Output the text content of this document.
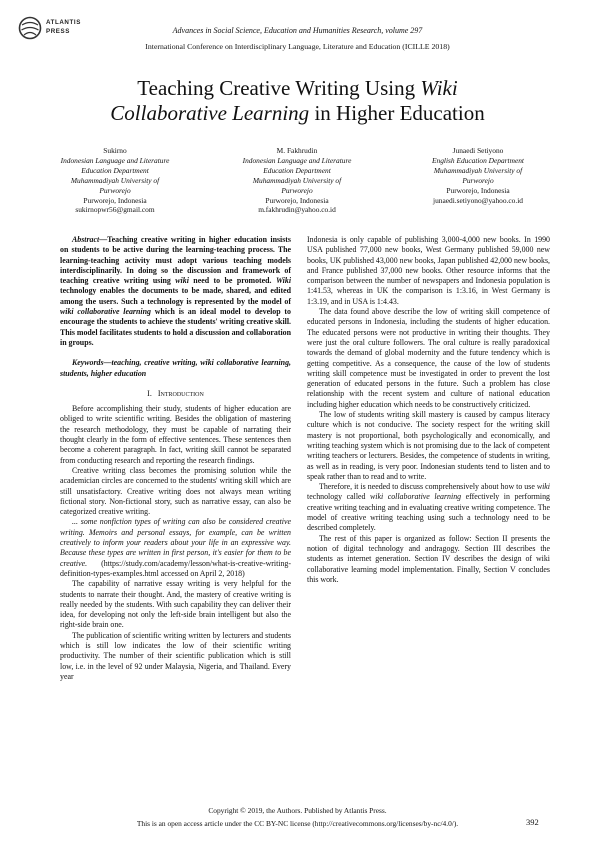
ATLANTIS
PRESS	Advances in Social Science, Education and Humanities Research, volume 297
International Conference on Interdisciplinary Language, Literature and Education (ICILLE 2018)
Teaching Creative Writing Using Wiki
Collaborative Learning in Higher Education
Sukirno
Indonesian Language and Literature
Education Department
Muhammadiyah University of
Purworejo
Purworejo, Indonesia
sukirnopwr56@gmail.com
M. Fakhrudin
Indonesian Language and Literature
Education Department
Muhammadiyah University of
Purworejo
Purworejo, Indonesia
m.fakhrudin@yahoo.co.id
Junaedi Setiyono
English Education Department
Muhammadiyah University of
Purworejo
Purworejo, Indonesia
junaedi.setiyono@yahoo.co.id

Abstract—Teaching creative writing in higher education insists on students to be active during the learning-teaching process. The learning-teaching activity must adopt various teaching models interdisciplinarily. In doing so the discussion and framework of teaching creative writing using wiki need to be promoted. Wiki technology enables the documents to be made, shared, and edited among the users. Such a technology is represented by the model of wiki collaborative learning which is an ideal model to develop to encourage the students to achieve the students' writing creative skill. This model facilitates students to hold a discussion and collaboration in groups.

Keywords—teaching, creative writing, wiki collaborative learning, students, higher education

I. Introduction

Before accomplishing their study, students of higher education are obliged to write scientific writing. Besides the obligation of mastering the research methodology, they must be capable of narrating their thought clearly in the form of effective sentences. These sentences then become a coherent paragraph. In fact, writing skill cannot be separated from conducting research and reporting the research findings.

Creative writing class becomes the promising solution while the academician circles are concerned to the students' writing skill which are still unsatisfactory. Creative writing does not always mean writing fictional story. Non-fictional story, such as narrative essay, can also be categorized creative writing.

... some nonfiction types of writing can also be considered creative writing. Memoirs and personal essays, for example, can be written creatively to inform your readers about your life in an expressive way. Because these types are written in first person, it's easier for them to be creative. (https://study.com/academy/lesson/what-is-creative-writing-definition-types-examples.html accessed on April 2, 2018)

The capability of narrative essay writing is very helpful for the students to narrate their thought. And, the mastery of creative writing is really needed by the students. With such capability they can deliver their idea, for developing not only the left-side brain intelligent but also the right-side brain one.

The publication of scientific writing written by lecturers and students which is still low indicates the low of their scientific writing productivity. The number of their scientific publication which is still low, i.e. in the level of 92 under Malaysia, Nigeria, and Thailand. Every year

Indonesia is only capable of publishing 3,000-4,000 new books. In 1990 USA published 77,000 new books, West Germany published 59,000 new books, UK published 43,000 new books, Japan published 42,000 new books, and France published 37,000 new books. Other resource informs that the comparison between the number of newspapers and Indonesia population is 1:41.53, whereas in UK the comparison is 1:3.16, in West Germany is 1:3.19, and in USA is 1:4.43.

The data found above describe the low of writing skill competence of educated persons in Indonesia, including the students of higher education. The educated persons were not productive in writing their thoughts. They were just the oral culture followers. The oral culture is really paradoxical towards the demand of global modernity and the future tendency which is getting competitive. As a consequence, the cause of the low of students writing skill competence must be investigated in order to prevent the lost generation of educated persons in the future. Such a problem has close relationship with the recent system and culture of national education including higher education which needs to be constructively criticized.

The low of students writing skill mastery is caused by campus literacy culture which is not conducive. The society respect for the writing skill mastery is not proportional, both psychologically and economically, and writing teaching system which is not promising due to the lack of competent writing teachers or lecturers. Besides, the competence of students in writing, as well as in reading, is very poor. Indonesian students tend to listen and to speak rather than to read and to write.

Therefore, it is needed to discuss comprehensively about how to use wiki technology called wiki collaborative learning effectively in performing creative writing teaching and in evaluating creative writing competence. The model of creative writing teaching using such a technology need to be described completely.

The rest of this paper is organized as follow: Section II presents the notion of digital technology and andragogy. Section III describes the students as internet generation. Section IV describes the design of wiki collaborative learning model implementation. Finally, Section V concludes this work.

Copyright © 2019, the Authors. Published by Atlantis Press.
This is an open access article under the CC BY-NC license (http://creativecommons.org/licenses/by-nc/4.0/).	392
